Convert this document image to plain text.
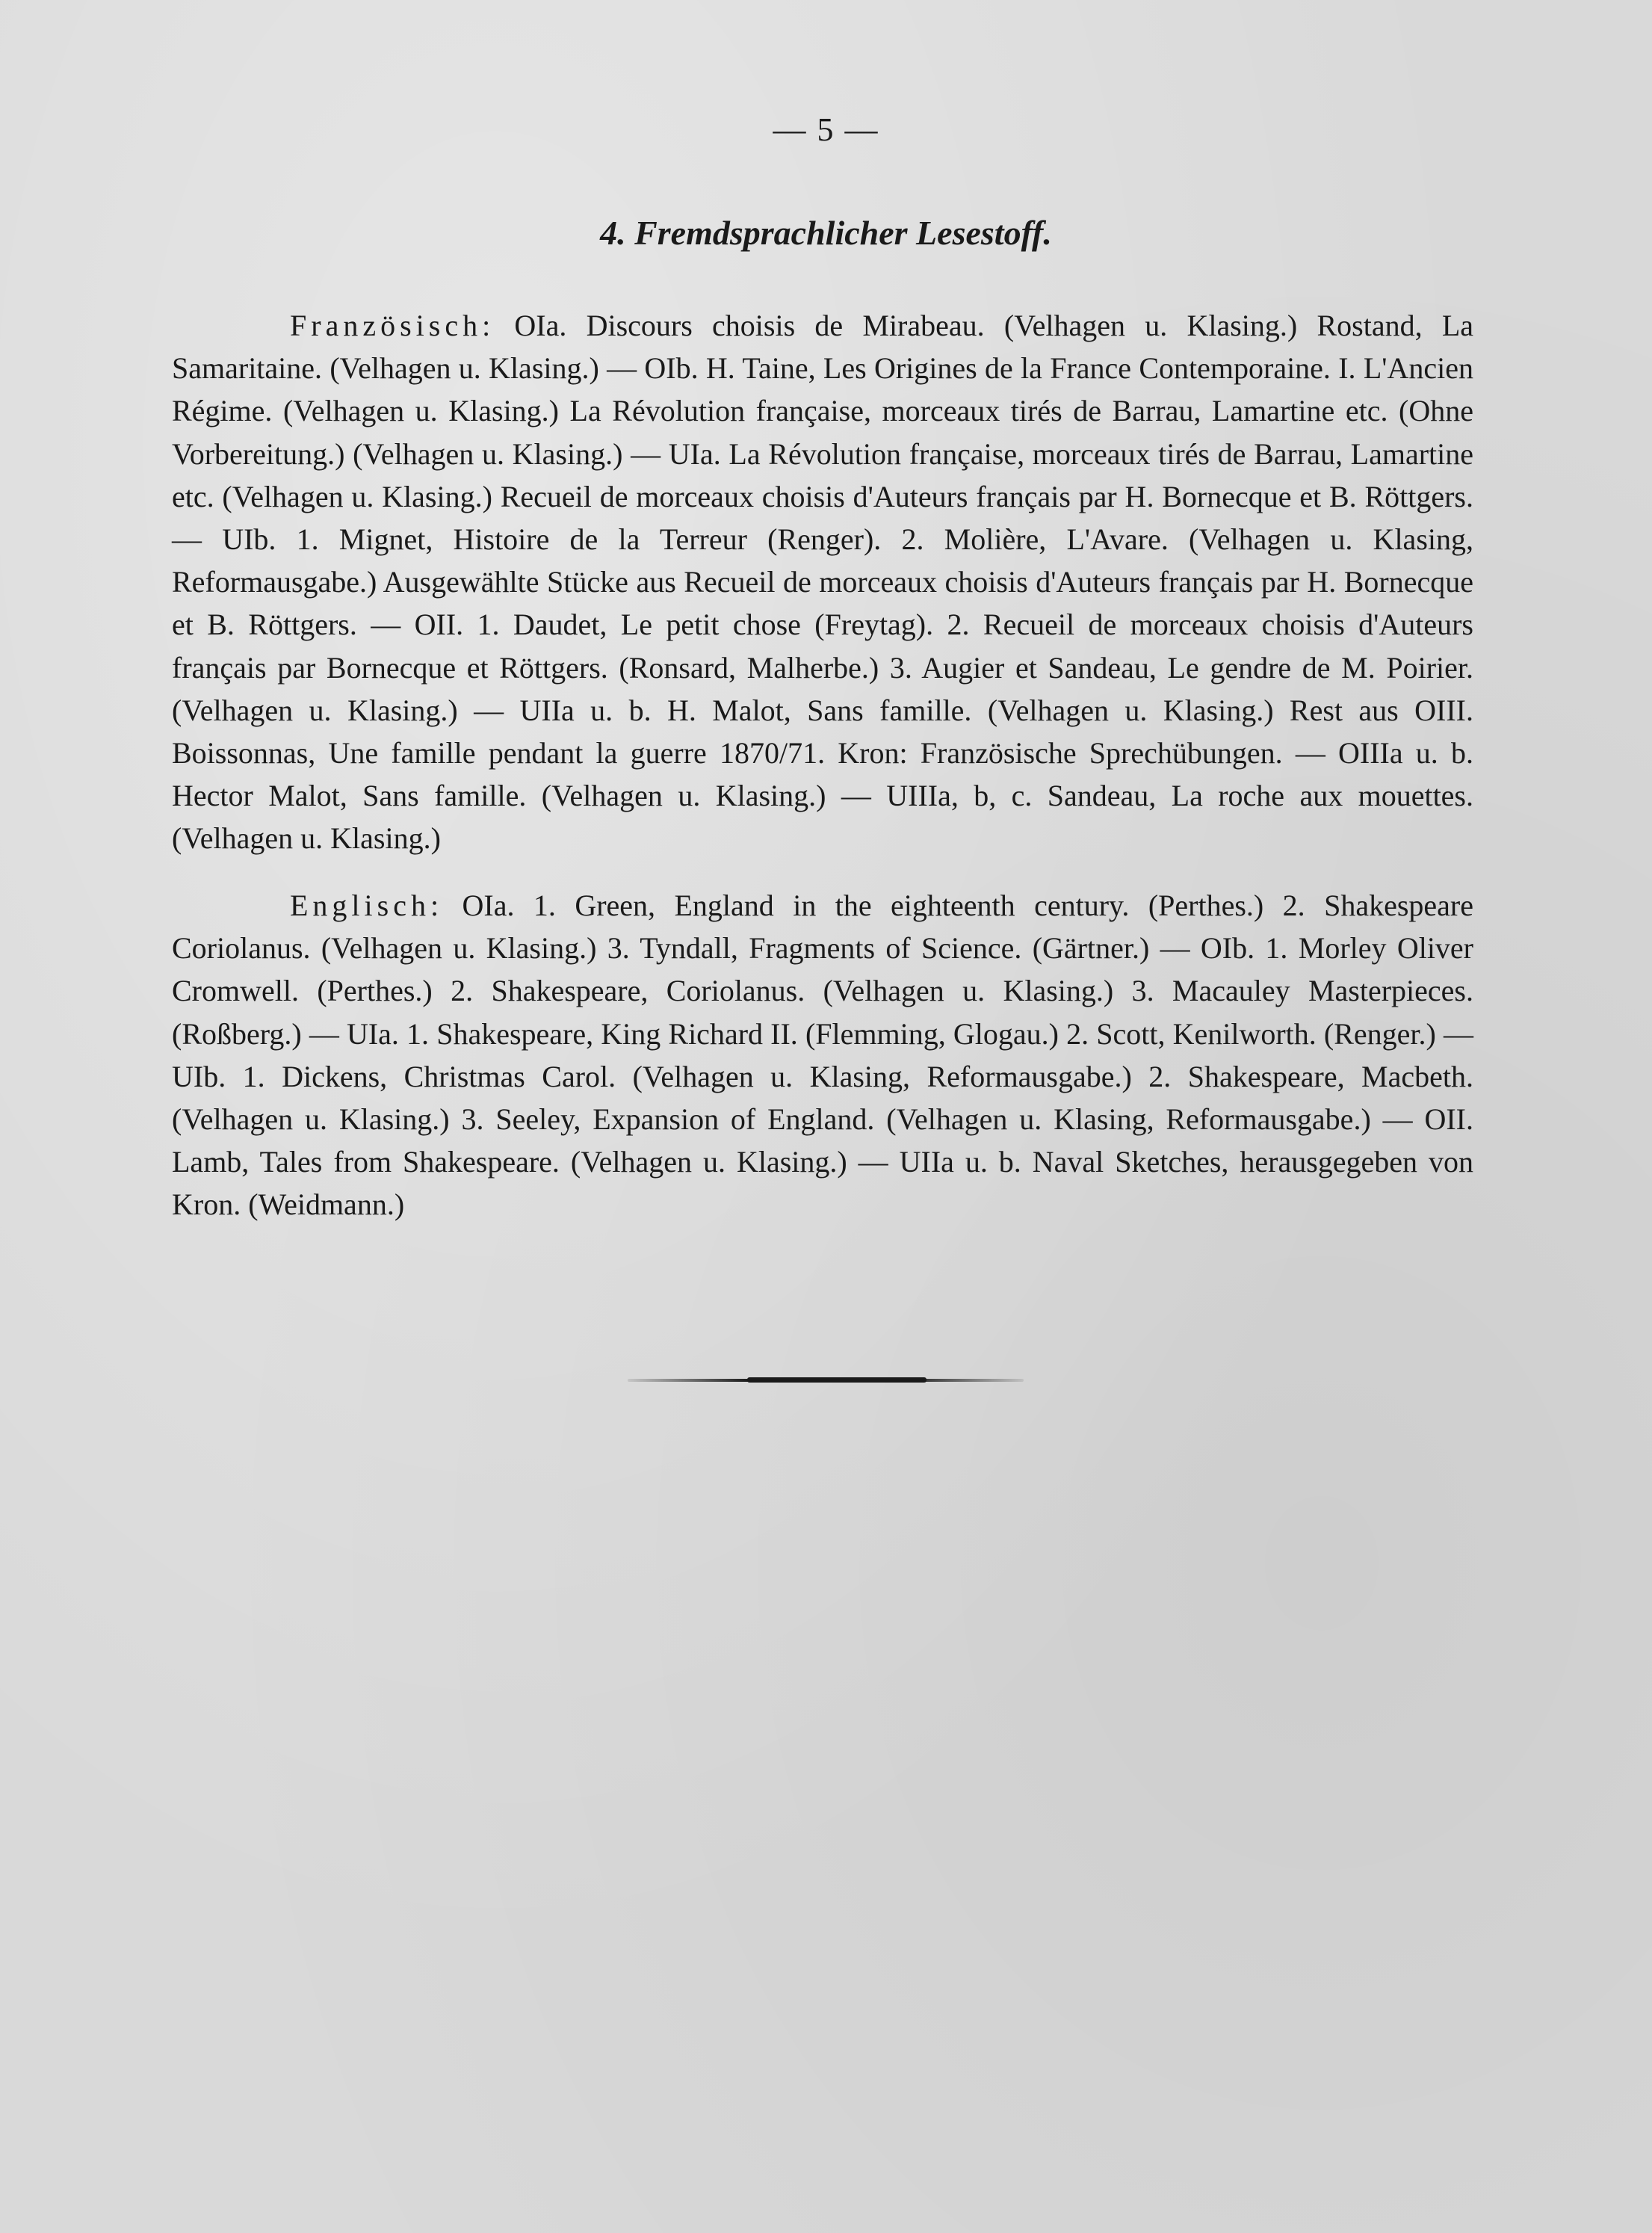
— 5 —
4. Fremdsprachlicher Lesestoff.

Französisch: OIa. Discours choisis de Mirabeau. (Velhagen u. Klasing.) Rostand, La Samaritaine. (Velhagen u. Klasing.) — OIb. H. Taine, Les Origines de la France Contemporaine. I. L'Ancien Régime. (Velhagen u. Klasing.) La Révolution française, morceaux tirés de Barrau, Lamartine etc. (Ohne Vorbereitung.) (Velhagen u. Klasing.) — UIa. La Révolution française, morceaux tirés de Barrau, Lamartine etc. (Velhagen u. Klasing.) Recueil de morceaux choisis d'Auteurs français par H. Bornecque et B. Röttgers. — UIb. 1. Mignet, Histoire de la Terreur (Renger). 2. Molière, L'Avare. (Velhagen u. Klasing, Reformausgabe.) Ausgewählte Stücke aus Recueil de morceaux choisis d'Auteurs français par H. Bornecque et B. Röttgers. — OII. 1. Daudet, Le petit chose (Freytag). 2. Recueil de morceaux choisis d'Auteurs français par Bornecque et Röttgers. (Ronsard, Malherbe.) 3. Augier et Sandeau, Le gendre de M. Poirier. (Velhagen u. Klasing.) — UIIa u. b. H. Malot, Sans famille. (Velhagen u. Klasing.) Rest aus OIII. Boissonnas, Une famille pendant la guerre 1870/71. Kron: Französische Sprechübungen. — OIIIa u. b. Hector Malot, Sans famille. (Velhagen u. Klasing.) — UIIIa, b, c. Sandeau, La roche aux mouettes. (Velhagen u. Klasing.)

Englisch: OIa. 1. Green, England in the eighteenth century. (Perthes.) 2. Shakespeare Coriolanus. (Velhagen u. Klasing.) 3. Tyndall, Fragments of Science. (Gärtner.) — OIb. 1. Morley Oliver Cromwell. (Perthes.) 2. Shakespeare, Coriolanus. (Velhagen u. Klasing.) 3. Macauley Masterpieces. (Roßberg.) — UIa. 1. Shakespeare, King Richard II. (Flemming, Glogau.) 2. Scott, Kenilworth. (Renger.) — UIb. 1. Dickens, Christmas Carol. (Velhagen u. Klasing, Reformausgabe.) 2. Shakespeare, Macbeth. (Velhagen u. Klasing.) 3. Seeley, Expansion of England. (Velhagen u. Klasing, Reformausgabe.) — OII. Lamb, Tales from Shakespeare. (Velhagen u. Klasing.) — UIIa u. b. Naval Sketches, herausgegeben von Kron. (Weidmann.)
